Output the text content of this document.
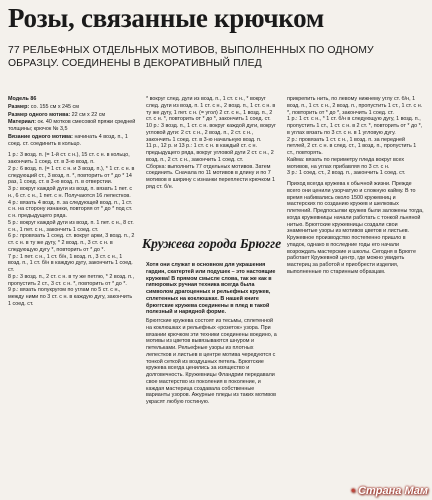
Розы, связанные крючком
77 РЕЛЬЕФНЫХ ОТДЕЛЬНЫХ МОТИВОВ, ВЫПОЛНЕННЫХ ПО ОДНОМУ ОБРАЗЦУ. СОЕДИНЕНЫ В ДЕКОРАТИВНЫЙ ПЛЕД

Модель 86

Размер: со. 155 см x 245 см

Размер одного мотива: 22 см x 22 см

Материал: ок. 40 мотков смесовой пряжи средней толщины; крючок № 3,5

Вязание одного мотива: начинать 4 возд. п., 1 соед. ст. соединить в кольцо.

1 р.: 3 возд. п. (= 1-й ст. с н.), 15 ст. с н. в кольцо, закончить 1 соед. ст. в 3-ю возд. п.

2 р.: 6 возд. п. (= 1 ст. с н. и 3 возд. п.), * 1 ст. с н. в следующий ст., 3 возд. п. *, повторить от * до * 14 раз, 1 соед. ст. в 3-ю возд. п. в отверстии.

3 р.: вокруг каждой дуги из возд. п. вязать 1 пет. с н., 6 ст. с н., 1 пет. с н. Получаются 16 лепестков.

4 р.: вязать 4 возд. п. за следующей возд. п., 1 ст. с н. на сторону изнанки, повторяя от * до * под ст. с н. предыдущего ряда.

5 р.: вокруг каждой дуги из возд. п. 1 пет. с н., 8 ст. с н., 1 пет. с н., закончить 1 соед. ст.

6 р.: провязать 1 соед. ст. вокруг арки, 3 возд. п., 2 ст. с н. в ту же дугу, * 2 возд. п., 3 ст. с н. в следующую дугу *, повторить от * до *.

7 р.: 1 пет. с н., 1 ст. б/н, 1 возд. п., 3 ст. с н., 1 возд. п., 1 ст. б/н в каждую дугу, закончить 1 соед. ст.

8 р.: 3 возд. п., 2 ст. с н. в ту же петлю, * 2 возд. п., пропустить 2 ст., 3 ст. с н. *, повторить от * до *.

9 р.: вязать полукругом по углам по 5 ст. с н., между ними по 3 ст. с н. в каждую дугу, закончить 1 соед. ст.

* вокруг след. дуги из возд. п., 1 ст. с н., * вокруг след. дуги из возд. п. 1 ст. с н., 2 возд. п., 1 ст. с н. в ту же дугу, 1 пет. с н. (= угол) 2 ст. с н., 1 возд. п., 2 ст. с н. *, повторить от * до *, закончить 1 соед. ст.

10 р.: 3 возд. п., 1 ст. с н. вокруг каждой дуги, вокруг угловой дуги: 2 ст. с н., 2 возд. п., 2 ст. с н., закончить 1 соед. ст. в 3-ю начальную возд. п.

11 р., 12 р. и 13 р.: 1 ст. с н. в каждый ст. с н. предыдущего ряда, вокруг угловой дуги 2 ст. с н., 2 возд. п., 2 ст. с н., закончить 1 соед. ст.

Сборка: выполнить 77 отдельных мотивов. Затем соединить. Сначала по 11 мотивов в длину и по 7 мотивов в ширину с изнанки переплести крючком 1 ряд ст. б/н.

Кружева города Брюгге
Хотя они служат в основном для украшения гардин, скатертей или подушек – это настоящие кружева! В прямом смысле слова, так же как в гипюровых ручная техника всегда была символом драгоценных и рельефных кружев, сплетенных на коклюшках. В нашей книге брюггские кружева соединены в плед в такой полезный и нарядной форме.
Брюггские кружева состоят из тесьмы, сплетенной на коклюшках и рельефных «розеток» узора. При вязании крючком эти техники соединены воедино, а мотивы из цветов вывязываются шнуром и петельками. Рельефные узоры из плотных лепестков и листьев в центре мотива чередуются с тонкой сеткой из воздушных петель. Брюггские кружева всегда ценились за изящество и долговечность. Кружевницы Фландрии передавали свое мастерство из поколения в поколение, и каждая мастерица создавала собственные варианты узоров. Ажурные пледы из таких мотивов украсят любую гостиную.

прикрепить нить, по левому нижнему углу ст. б/н, 1 возд. п., 1 ст. с н., 2 возд. п., пропустить 1 ст., 1 ст. с н. *, повторить от * до *, закончить 1 соед. ст.

1 р.: 1 ст. с н., * 1 ст. б/н в следующую дугу, 1 возд. п., пропустить 1 ст., 1 ст. с н. в 2 ст. *, повторить от * до *, в углах вязать по 3 ст. с н. в 1 угловую дугу.

2 р.: провязать 1 ст. с н., 1 возд. п. за передней петлей, 2 ст. с н. в след. ст., 1 возд. п., пропустить 1 ст., повторять.

Кайма: вязать по периметру пледа вокруг всех мотивов, на углах прибавляя по 3 ст. с н.

3 р.: 1 соед. ст., 2 возд. п., закончить 1 соед. ст.

Приход всегда кружева к обычной жизни. Прежде всего они ценили узорчатую и сложную кайму. В то время набивались около 1500 кружевниц и мастерских по созданию кружев и шелковых плетений. Предпосылки кружев были заложены тогда, когда кружевницы начали работать с тонкой льняной нитью. Брюггские кружевницы создали свои знаменитые узоры из мотивов цветов и листьев. Кружевное производство постепенно пришло в упадок, однако в последние годы его начали возрождать мастерские и школы. Сегодня в Брюгге работает Кружевной центр, где можно увидеть мастериц за работой и приобрести изделия, выполненные по старинным образцам.

• Страна Мам
